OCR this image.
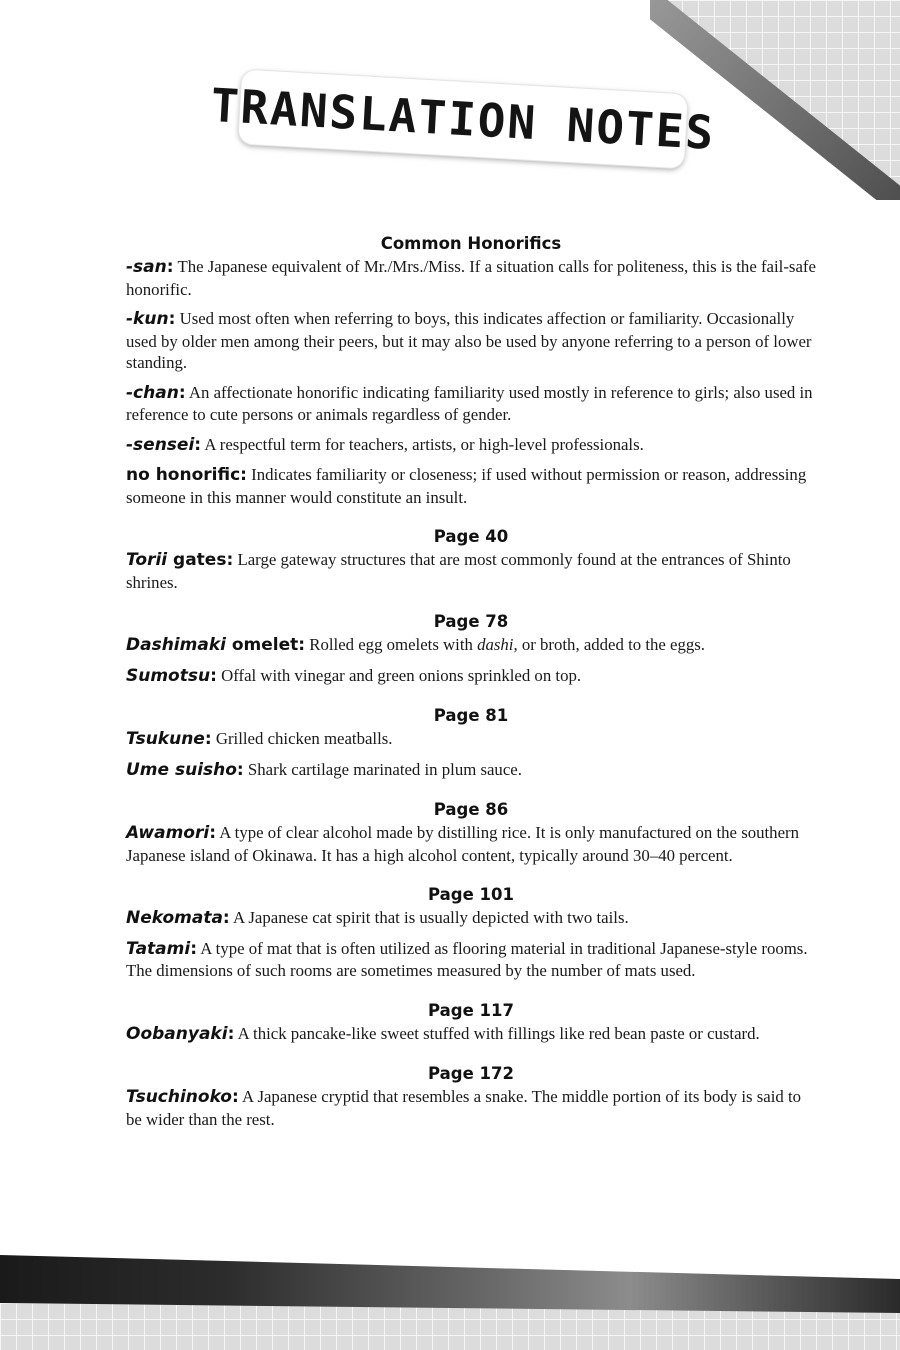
TRANSLATION NOTES
Common Honorifics

-san: The Japanese equivalent of Mr./Mrs./Miss. If a situation calls for politeness, this is the fail-safe honorific.

-kun: Used most often when referring to boys, this indicates affection or familiarity. Occasionally used by older men among their peers, but it may also be used by anyone referring to a person of lower standing.

-chan: An affectionate honorific indicating familiarity used mostly in reference to girls; also used in reference to cute persons or animals regardless of gender.

-sensei: A respectful term for teachers, artists, or high-level professionals.

no honorific: Indicates familiarity or closeness; if used without permission or reason, addressing someone in this manner would constitute an insult.

Page 40

Torii gates: Large gateway structures that are most commonly found at the entrances of Shinto shrines.

Page 78

Dashimaki omelet: Rolled egg omelets with dashi, or broth, added to the eggs.

Sumotsu: Offal with vinegar and green onions sprinkled on top.

Page 81

Tsukune: Grilled chicken meatballs.

Ume suisho: Shark cartilage marinated in plum sauce.

Page 86

Awamori: A type of clear alcohol made by distilling rice. It is only manufactured on the southern Japanese island of Okinawa. It has a high alcohol content, typically around 30–40 percent.

Page 101

Nekomata: A Japanese cat spirit that is usually depicted with two tails.

Tatami: A type of mat that is often utilized as flooring material in traditional Japanese-style rooms. The dimensions of such rooms are sometimes measured by the number of mats used.

Page 117

Oobanyaki: A thick pancake-like sweet stuffed with fillings like red bean paste or custard.

Page 172

Tsuchinoko: A Japanese cryptid that resembles a snake. The middle portion of its body is said to be wider than the rest.
